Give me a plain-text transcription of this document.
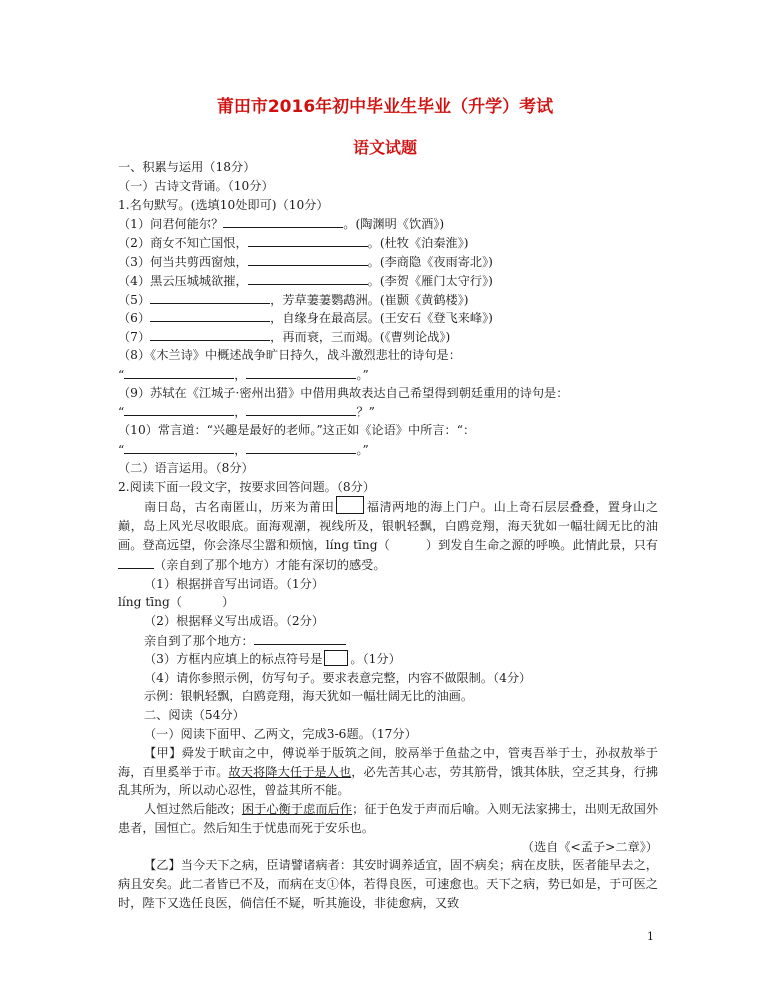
莆田市2016年初中毕业生毕业（升学）考试
语文试题
一、积累与运用（18分）
（一）古诗文背诵。（10分）
1.名句默写。(选填10处即可)（10分）
（1）问君何能尔？	。(陶渊明《饮酒》)
（2）商女不知亡国恨，	。(杜牧《泊秦淮》)
（3）何当共剪西窗烛，	。(李商隐《夜雨寄北》)
（4）黑云压城城欲摧，	。(李贺《雁门太守行》)
（5）	，芳草萋萋鹦鹉洲。(崔颢《黄鹤楼》)
（6）	，自缘身在最高层。(王安石《登飞来峰》)
（7）	，再而衰，三而竭。(《曹刿论战》)
（8）《木兰诗》中概述战争旷日持久，战斗激烈悲壮的诗句是：
“	，	。”
（9）苏轼在《江城子·密州出猎》中借用典故表达自己希望得到朝廷重用的诗句是：
“	，	？”
（10）常言道：“兴趣是最好的老师。”这正如《论语》中所言：“：
“	，	。”
（二）语言运用。（8分）
2.阅读下面一段文字，按要求回答问题。（8分）
南日岛，古名南匿山，历来为莆田	福清两地的海上门户。山上奇石层层叠叠，置身山之巅，岛上风光尽收眼底。面海观潮，视线所及，银帆轻飘，白鸥竞翔，海天犹如一幅壮阔无比的油画。登高远望，你会涤尽尘嚣和烦恼，líng tīng（	）到发自生命之源的呼唤。此情此景，只有（亲自到了那个地方）才能有深切的感受。
（1）根据拼音写出词语。（1分）
líng tīng（	）
（2）根据释义写出成语。（2分）
亲自到了那个地方：
（3）方框内应填上的标点符号是 。（1分）
（4）请你参照示例，仿写句子。要求表意完整，内容不做限制。（4分）
示例：银帆轻飘，白鸥竞翔，海天犹如一幅壮阔无比的油画。
二、阅读（54分）
（一）阅读下面甲、乙两文，完成3-6题。（17分）
【甲】舜发于畎亩之中，傅说举于版筑之间，胶鬲举于鱼盐之中，管夷吾举于士，孙叔敖举于海，百里奚举于市。故天将降大任于是人也，必先苦其心志，劳其筋骨，饿其体肤，空乏其身，行拂乱其所为，所以动心忍性，曾益其所不能。
人恒过然后能改；困于心衡于虑而后作；征于色发于声而后喻。入则无法家拂士，出则无敌国外患者，国恒亡。然后知生于忧患而死于安乐也。
（选自《<孟子>二章》）
【乙】当今天下之病，臣请譬诸病者：其安时调养适宜，固不病矣；病在皮肤，医者能早去之，病且安矣。此二者皆已不及，而病在支①体，若得良医，可速愈也。天下之病，势已如是，于可医之时，陛下又选任良医，倘信任不疑，听其施设，非徒愈病，又致
1
